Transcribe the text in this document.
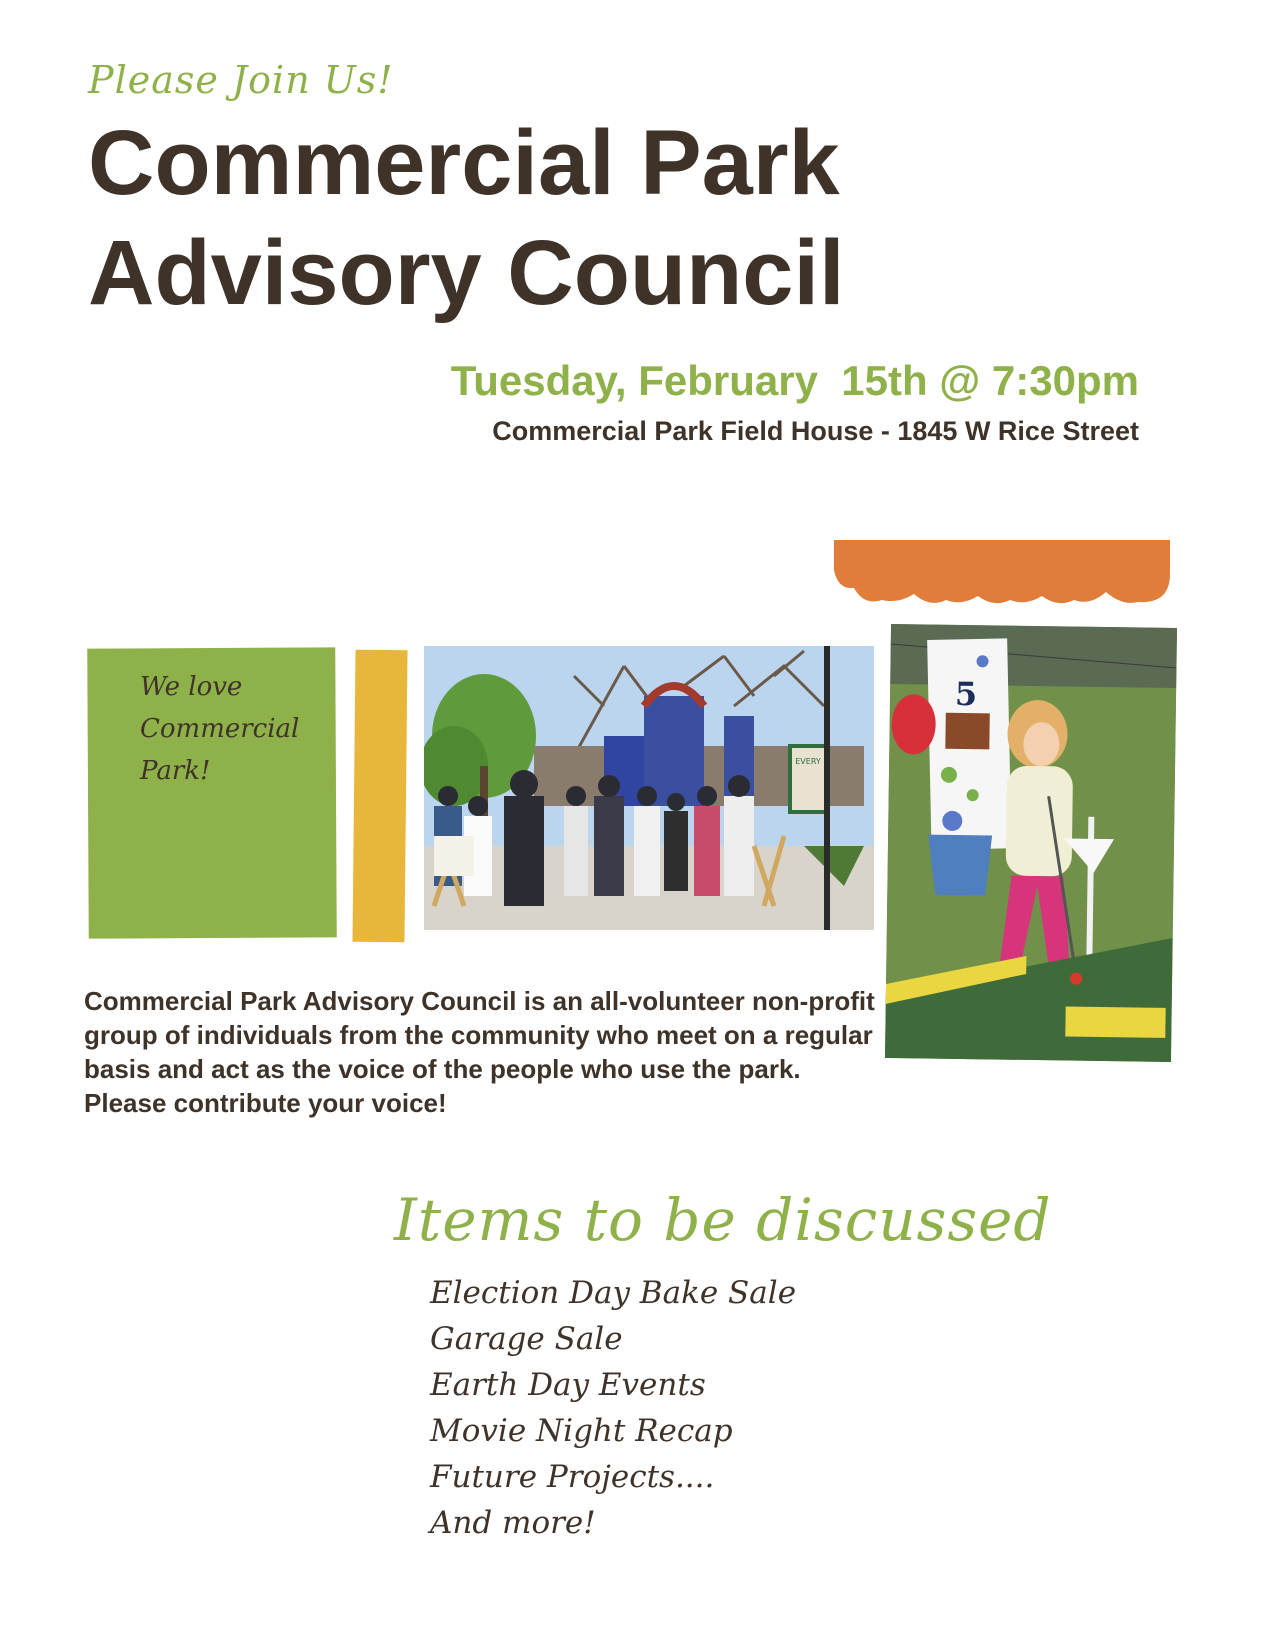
Please Join Us!
Commercial Park
Advisory Council
Tuesday, February  15th @ 7:30pm
Commercial Park Field House - 1845 W Rice Street
We love
Commercial
Park!	EVERY
5
Commercial Park Advisory Council is an all-volunteer non-profit group of individuals from the community who meet on a regular basis and act as the voice of the people who use the park. Please contribute your voice!
Items to be discussed
Election Day Bake Sale
Garage Sale
Earth Day Events
Movie Night Recap
Future Projects....
And more!
